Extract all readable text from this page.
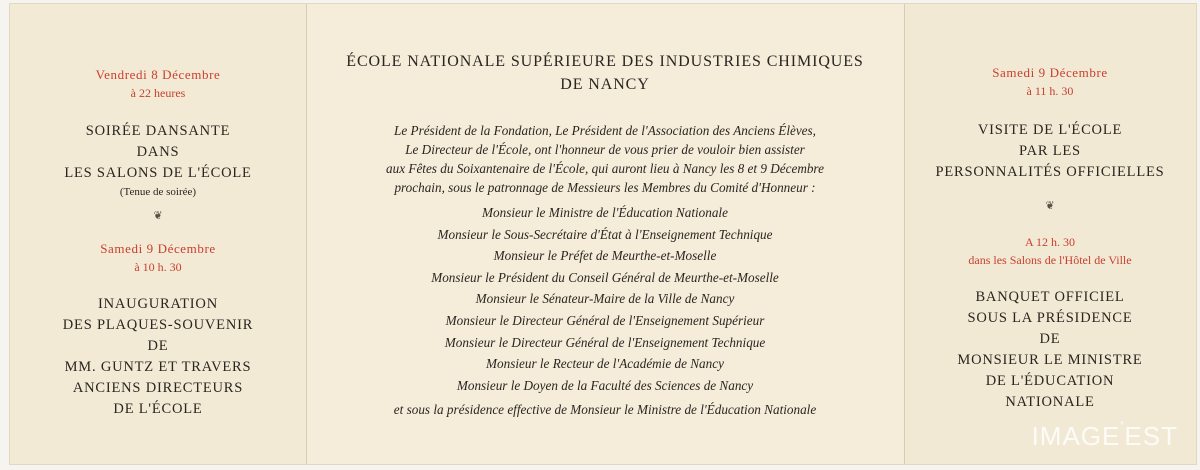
Vendredi 8 Décembre
à 22 heures
SOIRÉE DANSANTE
DANS
LES SALONS DE L'ÉCOLE
(Tenue de soirée)
❦
Samedi 9 Décembre
à 10 h. 30
INAUGURATION
DES PLAQUES-SOUVENIR
DE
MM. GUNTZ ET TRAVERS
ANCIENS DIRECTEURS
DE L'ÉCOLE
ÉCOLE NATIONALE SUPÉRIEURE DES INDUSTRIES CHIMIQUES
DE NANCY
Le Président de la Fondation, Le Président de l'Association des Anciens Élèves,
Le Directeur de l'École, ont l'honneur de vous prier de vouloir bien assister
aux Fêtes du Soixantenaire de l'École, qui auront lieu à Nancy les 8 et 9 Décembre
prochain, sous le patronnage de Messieurs les Membres du Comité d'Honneur :
Monsieur le Ministre de l'Éducation Nationale
Monsieur le Sous-Secrétaire d'État à l'Enseignement Technique
Monsieur le Préfet de Meurthe-et-Moselle
Monsieur le Président du Conseil Général de Meurthe-et-Moselle
Monsieur le Sénateur-Maire de la Ville de Nancy
Monsieur le Directeur Général de l'Enseignement Supérieur
Monsieur le Directeur Général de l'Enseignement Technique
Monsieur le Recteur de l'Académie de Nancy
Monsieur le Doyen de la Faculté des Sciences de Nancy
et sous la présidence effective de Monsieur le Ministre de l'Éducation Nationale
Samedi 9 Décembre
à 11 h. 30
VISITE DE L'ÉCOLE
PAR LES
PERSONNALITÉS OFFICIELLES
❦
A 12 h. 30
dans les Salons de l'Hôtel de Ville
BANQUET OFFICIEL
SOUS LA PRÉSIDENCE
DE
MONSIEUR LE MINISTRE
DE L'ÉDUCATION
NATIONALE
IMAGE'EST
